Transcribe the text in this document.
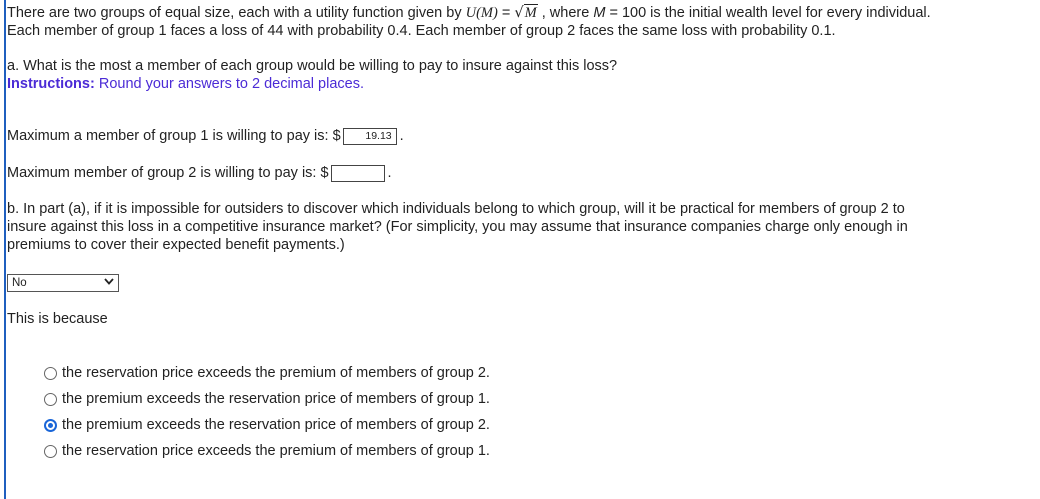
There are two groups of equal size, each with a utility function given by U(M) = √M , where M = 100 is the initial wealth level for every individual. Each member of group 1 faces a loss of 44 with probability 0.4. Each member of group 2 faces the same loss with probability 0.1.

a. What is the most a member of each group would be willing to pay to insure against this loss?

Instructions: Round your answers to 2 decimal places.

Maximum a member of group 1 is willing to pay is: $	19.13 .
Maximum member of group 2 is willing to pay is: $	.

b. In part (a), if it is impossible for outsiders to discover which individuals belong to which group, will it be practical for members of group 2 to insure against this loss in a competitive insurance market? (For simplicity, you may assume that insurance companies charge only enough in premiums to cover their expected benefit payments.)

No

This is because

the reservation price exceeds the premium of members of group 2.
the premium exceeds the reservation price of members of group 1.
the premium exceeds the reservation price of members of group 2.
the reservation price exceeds the premium of members of group 1.
